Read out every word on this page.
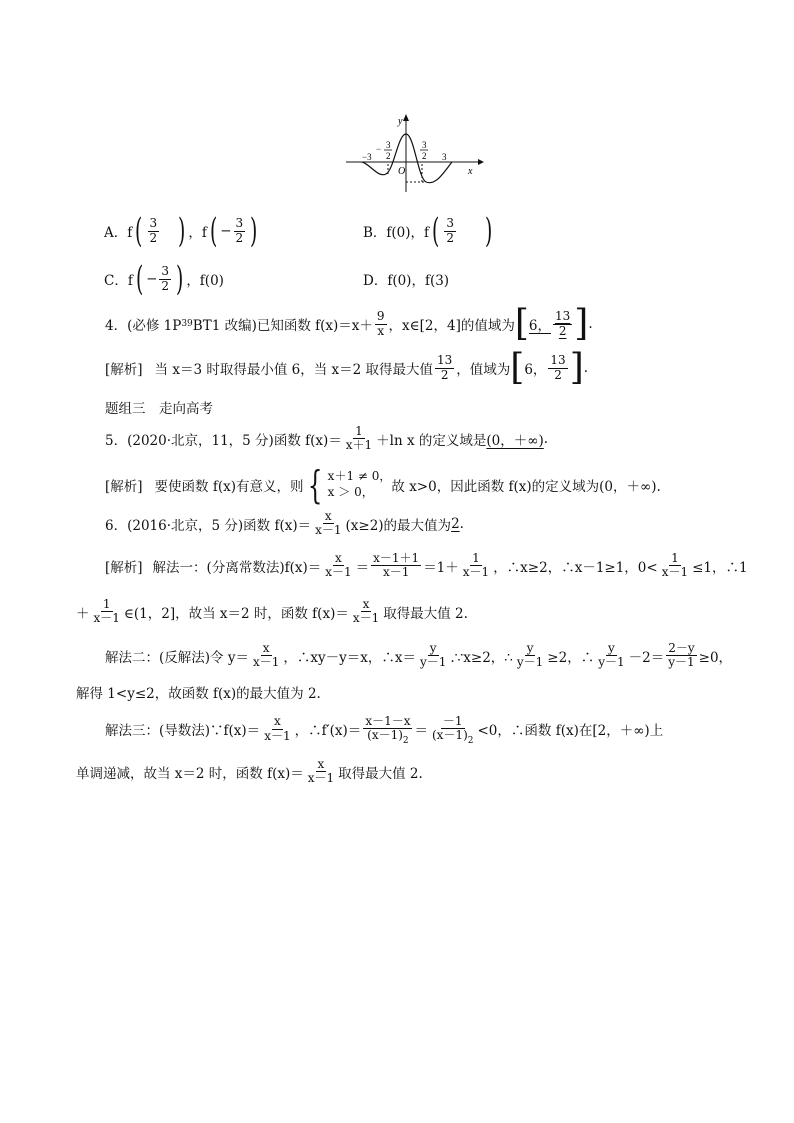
y
x
O
−3
− 3
2
3
2 3
A．f ( $\frac{3}{2}$ ) ，f ( − $\frac{3}{2}$ )	B．f(0)，f ( $\frac{3}{2}$ )
C．f ( − $\frac{3}{2}$ ) ，f(0)	D．f(0)，f(3)
4．(必修 1P 39 BT1 改编)已知函数 $f(x)=x+ \frac{9}{x}$ ，x∈[2，4]的值域为 [ 6， $\frac{13}{2}$ ] .
[解析] 当 x＝3 时取得最小值 6，当 x＝2 取得最大值 $\frac{13}{2}$ ，值域为 [ 6， $\frac{13}{2}$ ] .
题组三　走向高考
5．(2020·北京，11，5 分)函数 $f(x)= \frac{1}{x+1} +\ln$ x 的定义域是 (0，＋∞) .
[解析] 要使函数 f(x)有意义，则 { x＋1 ≠ 0，
x ＞ 0，	故 x>0，因此函数 f(x)的定义域为(0，＋∞).
6．(2016·北京，5 分)函数 $f(x)= \frac{x}{x-1} (x\ge 2)$的最大值为 2 .
[解析] 解法一：(分离常数法)$f(x)= \frac{x}{x-1} = \frac{x-1+1}{x-1} =1+ \frac{1}{x-1}$ ，∴x≥2，∴x－1≥1，$0< \frac{1}{x-1} \le 1$，∴1
＋ $\frac{1}{x-1}$ ∈(1，2]，故当 x＝2 时，函数 $f(x)= \frac{x}{x-1}$ 取得最大值 2.
解法二：(反解法)令 $y= \frac{x}{x-1}$ ，∴xy－y＝x，∴x＝ $\frac{y}{y-1}$ .∵x≥2，∴ $\frac{y}{y-1} \ge 2$，∴ $\frac{y}{y-1} -2= \frac{2-y}{y-1} \ge 0$，
解得 1<y≤2，故函数 f(x)的最大值为 2.
解法三：(导数法)∵f(x)＝ $\frac{x}{x-1}$ ，∴f′(x)＝ $\frac{x-1-x}{(x-1)_2} = \frac{-1}{(x-1)_2} <0$，∴函数 f(x)在[2，＋∞)上
单调递减，故当 x＝2 时，函数 $f(x)= \frac{x}{x-1}$ 取得最大值 2.
